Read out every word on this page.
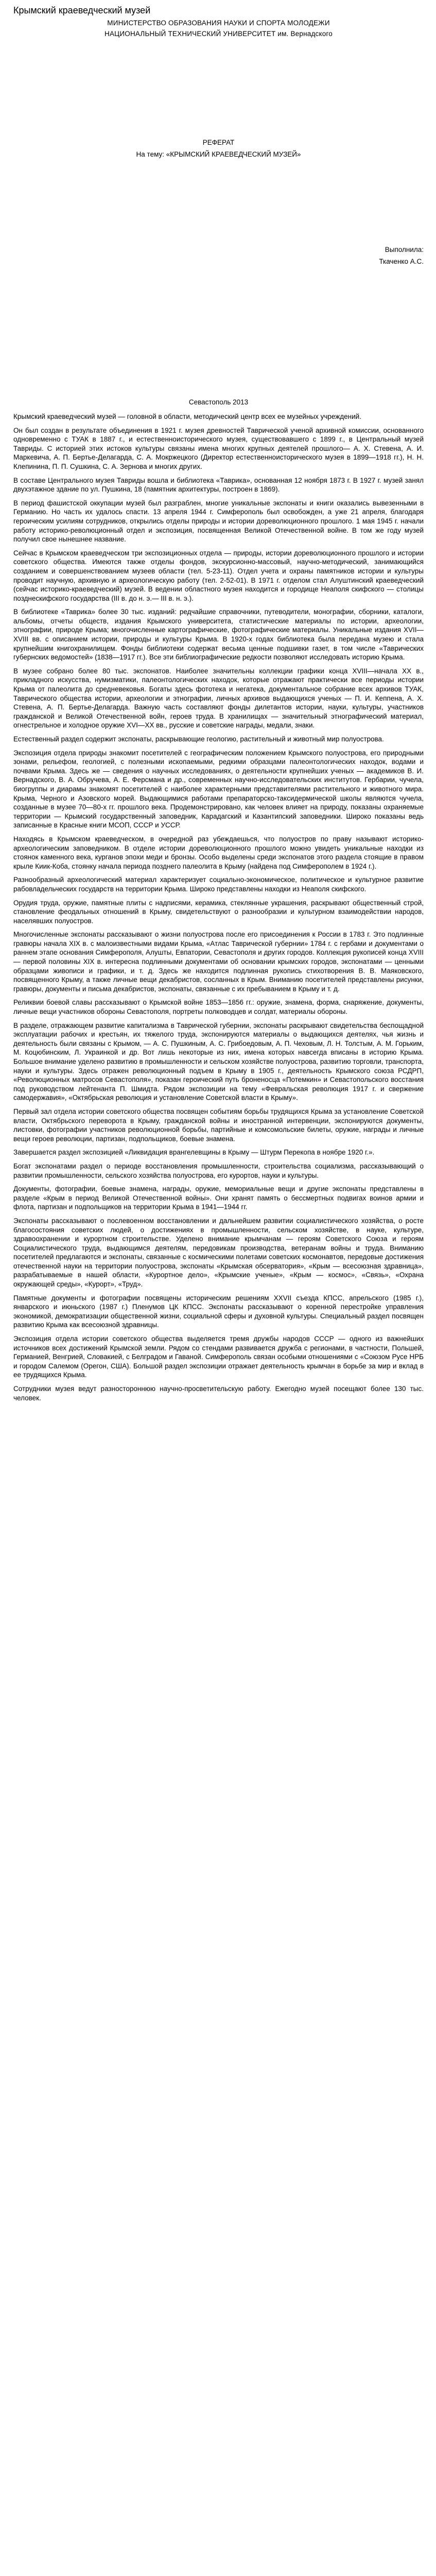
Крымский краеведческий музей
МИНИСТЕРСТВО ОБРАЗОВАНИЯ НАУКИ И СПОРТА МОЛОДЕЖИ
НАЦИОНАЛЬНЫЙ ТЕХНИЧЕСКИЙ УНИВЕРСИТЕТ им. Вернадского
РЕФЕРАТ
На тему: «КРЫМСКИЙ КРАЕВЕДЧЕСКИЙ МУЗЕЙ»
Выполнила:
Ткаченко А.С.
Севастополь 2013

Крымский краеведческий музей — головной в области, методический центр всех ее музейных учреждений.

Он был создан в результате объединения в 1921 г. музея древностей Таврической ученой архивной комиссии, основанного одновременно с ТУАК в 1887 г., и естественноисторического музея, существовавшего с 1899 г., в Центральный музей Тавриды. С историей этих истоков культуры связаны имена многих крупных деятелей прошлого— А. Х. Стевена, А. И. Маркевича, А. П. Бертье-Делагарда, С. А. Мокржецкого (Директор естественноисторического музея в 1899—1918 гг.), Н. Н. Клепинина, П. П. Сушкина, С. А. Зернова и многих других.

В составе Центрального музея Тавриды вошла и библиотека «Таврика», основанная 12 ноября 1873 г. В 1927 г. музей занял двухэтажное здание по ул. Пушкина, 18 (памятник архитектуры, построен в 1869).

В период фашистской оккупации музей был разграблен, многие уникальные экспонаты и книги оказались вывезенными в Германию. Но часть их удалось спасти. 13 апреля 1944 г. Симферополь был освобожден, а уже 21 апреля, благодаря героическим усилиям сотрудников, открылись отделы природы и истории дореволюционного прошлого. 1 мая 1945 г. начали работу историко-революционный отдел и экспозиция, посвященная Великой Отечественной войне. В том же году музей получил свое нынешнее название.

Сейчас в Крымском краеведческом три экспозиционных отдела — природы, истории дореволюционного прошлого и истории советского общества. Имеются также отделы фондов, экскурсионно-массовый, научно-методический, занимающийся созданием и совершенствованием музеев области (тел. 5-23-11). Отдел учета и охраны памятников истории и культуры проводит научную, архивную и археологическую работу (тел. 2-52-01). В 1971 г. отделом стал Алуштинский краеведческий (сейчас историко-краеведческий) музей. В ведении областного музея находится и городище Неаполя скифского — столицы позднескифского государства (III в. до н. э.— III в. н. э.).

В библиотеке «Таврика» более 30 тыс. изданий: редчайшие справочники, путеводители, монографии, сборники, каталоги, альбомы, отчеты обществ, издания Крымского университета, статистические материалы по истории, археологии, этнографии, природе Крыма; многочисленные картографические, фотографические материалы. Уникальные издания XVII—XVIII вв. с описанием истории, природы и культуры Крыма. В 1920-х годах библиотека была передана музею и стала крупнейшим книгохранилищем. Фонды библиотеки содержат весьма ценные подшивки газет, в том числе «Таврических губернских ведомостей» (1838—1917 гг.). Все эти библиографические редкости позволяют исследовать историю Крыма.

В музее собрано более 80 тыс. экспонатов. Наиболее значительны коллекции графики конца XVIII—начала XX в., прикладного искусства, нумизматики, палеонтологических находок, которые отражают практически все периоды истории Крыма от палеолита до средневековья. Богаты здесь фототека и негатека, документальное собрание всех архивов ТУАК, Таврического общества истории, археологии и этнографии, личных архивов выдающихся ученых — П. И. Кеппена, А. Х. Стевена, А. П. Бертье-Делагарда. Важную часть составляют фонды дилетантов истории, науки, культуры, участников гражданской и Великой Отечественной войн, героев труда. В хранилищах — значительный этнографический материал, огнестрельное и холодное оружие XVI—XX вв., русские и советские награды, медали, знаки.

Естественный раздел содержит экспонаты, раскрывающие геологию, растительный и животный мир полуострова.

Экспозиция отдела природы знакомит посетителей с географическим положением Крымского полуострова, его природными зонами, рельефом, геологией, с полезными ископаемыми, редкими образцами палеонтологических находок, водами и почвами Крыма. Здесь же — сведения о научных исследованиях, о деятельности крупнейших ученых — академиков В. И. Вернадского, В. А. Обручева, А. Е. Ферсмана и др., современных научно-исследовательских институтов. Гербарии, чучела, биогруппы и диарамы знакомят посетителей с наиболее характерными представителями растительного и животного мира. Крыма, Черного и Азовского морей. Выдающимися работами препараторско-таксидермической школы являются чучела, созданные в музее 70—80-х гг. прошлого века. Продемонстрировано, как человек влияет на природу, показаны охраняемые территории — Крымский государственный заповедник, Карадагский и Казантипский заповедники. Широко показаны ведь записанные в Красные книги МСОП, СССР и УССР.

Находясь в Крымском краеведческом, в очередной раз убеждаешься, что полуостров по праву называют историко-археологическим заповедником. В отделе истории дореволюционного прошлого можно увидеть уникальные находки из стоянок каменного века, курганов эпохи меди и бронзы. Особо выделены среди экспонатов этого раздела стоящие в правом крыле Киик-Коба, стоянку начала периода позднего палеолита в Крыму (найдена под Симферополем в 1924 г.).

Разнообразный археологический материал характеризует социально-экономическое, политическое и культурное развитие рабовладельческих государств на территории Крыма. Широко представлены находки из Неаполя скифского.

Орудия труда, оружие, памятные плиты с надписями, керамика, стеклянные украшения, раскрывают общественный строй, становление феодальных отношений в Крыму, свидетельствуют о разнообразии и культурном взаимодействии народов, населявших полуостров.

Многочисленные экспонаты рассказывают о жизни полуострова после его присоединения к России в 1783 г. Это подлинные гравюры начала XIX в. с малоизвестными видами Крыма, «Атлас Таврической губернии» 1784 г. с гербами и документами о раннем этапе основания Симферополя, Алушты, Евпатории, Севастополя и других городов. Коллекция рукописей конца XVIII — первой половины XIX в. интересна подлинными документами об основании крымских городов, экспонатами — ценными образцами живописи и графики, и т. д. Здесь же находится подлинная рукопись стихотворения В. В. Маяковского, посвященного Крыму, а также личные вещи декабристов, сосланных в Крым. Вниманию посетителей представлены рисунки, гравюры, документы и письма декабристов, экспонаты, связанные с их пребыванием в Крыму и т. д.

Реликвии боевой славы рассказывают о Крымской войне 1853—1856 гг.: оружие, знамена, форма, снаряжение, документы, личные вещи участников обороны Севастополя, портреты полководцев и солдат, материалы обороны.

В разделе, отражающем развитие капитализма в Таврической губернии, экспонаты раскрывают свидетельства беспощадной эксплуатации рабочих и крестьян, их тяжелого труда, экспонируются материалы о выдающихся деятелях, чья жизнь и деятельность были связаны с Крымом, — А. С. Пушкиным, А. С. Грибоедовым, А. П. Чеховым, Л. Н. Толстым, А. М. Горьким, М. Коцюбинским, Л. Украинкой и др. Вот лишь некоторые из них, имена которых навсегда вписаны в историю Крыма. Большое внимание уделено развитию в промышленности и сельском хозяйстве полуострова, развитию торговли, транспорта, науки и культуры. Здесь отражен революционный подъем в Крыму в 1905 г., деятельность Крымского союза РСДРП, «Революционных матросов Севастополя», показан героический путь броненосца «Потемкин» и Севастопольского восстания под руководством лейтенанта П. Шмидта. Рядом экспозиции на тему «Февральская революция 1917 г. и свержение самодержавия», «Октябрьская революция и установление Советской власти в Крыму».

Первый зал отдела истории советского общества посвящен событиям борьбы трудящихся Крыма за установление Советской власти, Октябрьского переворота в Крыму, гражданской войны и иностранной интервенции, экспонируются документы, листовки, фотографии участников революционной борьбы, партийные и комсомольские билеты, оружие, награды и личные вещи героев революции, партизан, подпольщиков, боевые знамена.

Завершается раздел экспозицией «Ликвидация врангелевщины в Крыму — Штурм Перекопа в ноябре 1920 г.».

Богат экспонатами раздел о периоде восстановления промышленности, строительства социализма, рассказывающий о развитии промышленности, сельского хозяйства полуострова, его курортов, науки и культуры.

Документы, фотографии, боевые знамена, награды, оружие, мемориальные вещи и другие экспонаты представлены в разделе «Крым в период Великой Отечественной войны». Они хранят память о бессмертных подвигах воинов армии и флота, партизан и подпольщиков на территории Крыма в 1941—1944 гг.

Экспонаты рассказывают о послевоенном восстановлении и дальнейшем развитии социалистического хозяйства, о росте благосостояния советских людей, о достижениях в промышленности, сельском хозяйстве, в науке, культуре, здравоохранении и курортном строительстве. Уделено внимание крымчанам — героям Советского Союза и героям Социалистического труда, выдающимся деятелям, передовикам производства, ветеранам войны и труда. Вниманию посетителей предлагаются и экспонаты, связанные с космическими полетами советских космонавтов, передовые достижения отечественной науки на территории полуострова, экспонаты «Крымская обсерватория», «Крым — всесоюзная здравница», разрабатываемые в нашей области, «Курортное дело», «Крымские ученые», «Крым — космос», «Связь», «Охрана окружающей среды», «Курорт», «Труд».

Памятные документы и фотографии посвящены историческим решениям XXVII съезда КПСС, апрельского (1985 г.), январского и июньского (1987 г.) Пленумов ЦК КПСС. Экспонаты рассказывают о коренной перестройке управления экономикой, демократизации общественной жизни, социальной сферы и духовной культуры. Специальный раздел посвящен развитию Крыма как всесоюзной здравницы.

Экспозиция отдела истории советского общества выделяется тремя дружбы народов СССР — одного из важнейших источников всех достижений Крымской земли. Рядом со стендами развивается дружба с регионами, в частности, Польшей, Германией, Венгрией, Словакией, с Белградом и Гаваной. Симферополь связан особыми отношениями с «Союзом Русе НРБ и городом Салемом (Орегон, США). Большой раздел экспозиции отражает деятельность крымчан в борьбе за мир и вклад в ее трудящихся Крыма.

Сотрудники музея ведут разностороннюю научно-просветительскую работу. Ежегодно музей посещают более 130 тыс. человек.
